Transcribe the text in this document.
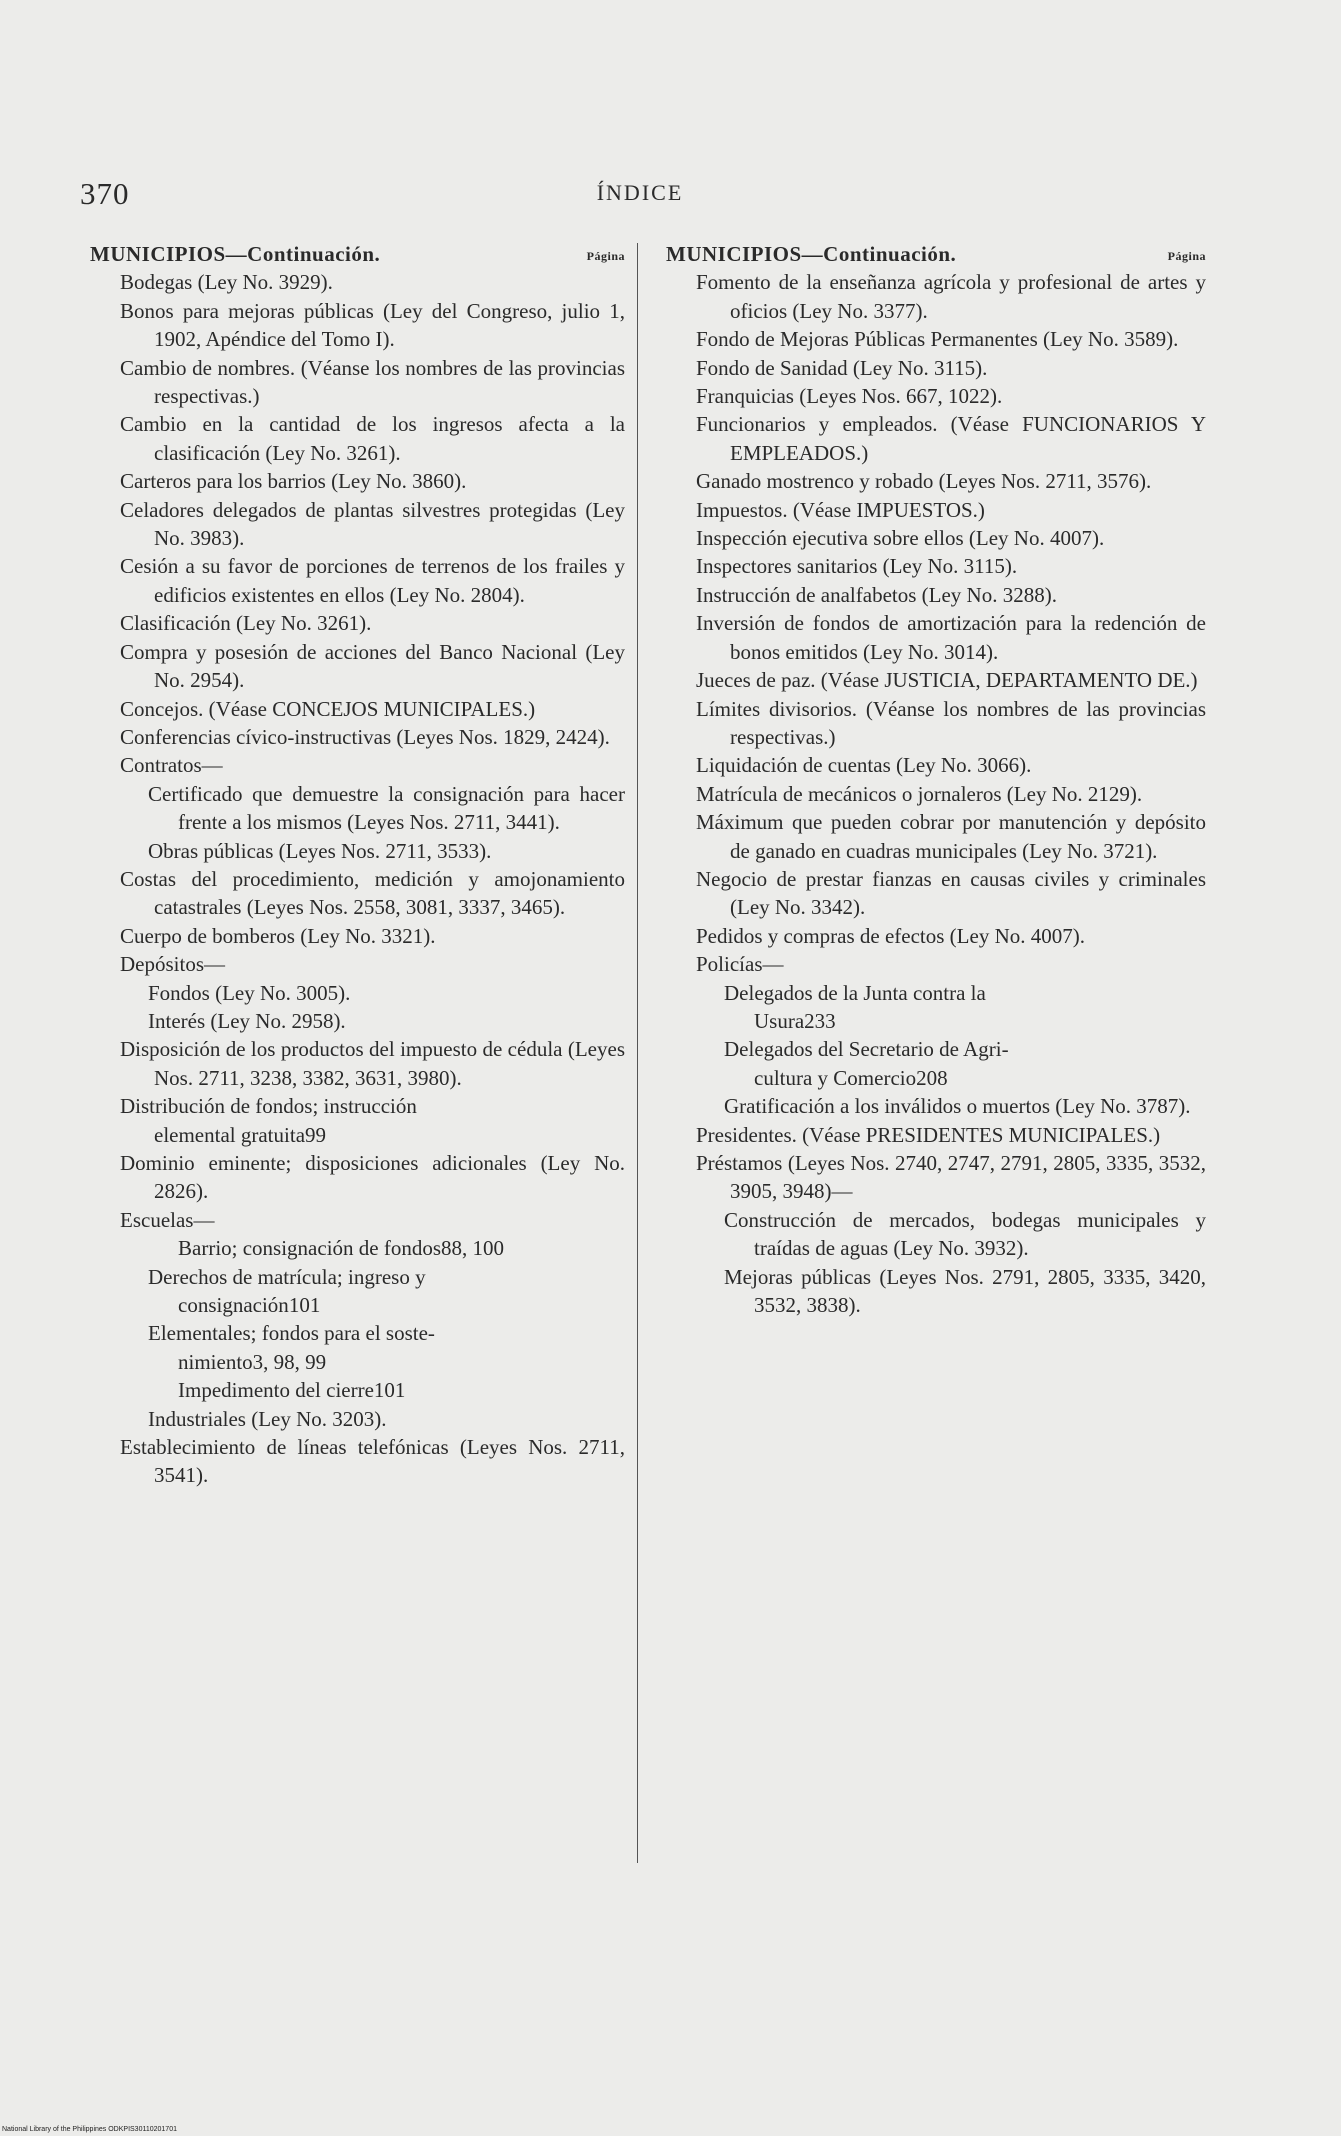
370	ÍNDICE
MUNICIPIOS—Continuación.	Página
Bodegas (Ley No. 3929).
Bonos para mejoras públicas (Ley del Congreso, julio 1, 1902, Apéndice del Tomo I).
Cambio de nombres. (Véanse los nombres de las provincias respectivas.)
Cambio en la cantidad de los ingresos afecta a la clasificación (Ley No. 3261).
Carteros para los barrios (Ley No. 3860).
Celadores delegados de plantas silvestres protegidas (Ley No. 3983).
Cesión a su favor de porciones de terrenos de los frailes y edificios existentes en ellos (Ley No. 2804).
Clasificación (Ley No. 3261).
Compra y posesión de acciones del Banco Nacional (Ley No. 2954).
Concejos. (Véase CONCEJOS MUNICIPALES.)
Conferencias cívico-instructivas (Leyes Nos. 1829, 2424).
Contratos—
Certificado que demuestre la consignación para hacer frente a los mismos (Leyes Nos. 2711, 3441).
Obras públicas (Leyes Nos. 2711, 3533).
Costas del procedimiento, medición y amojonamiento catastrales (Leyes Nos. 2558, 3081, 3337, 3465).
Cuerpo de bomberos (Ley No. 3321).
Depósitos—
Fondos (Ley No. 3005).
Interés (Ley No. 2958).
Disposición de los productos del impuesto de cédula (Leyes Nos. 2711, 3238, 3382, 3631, 3980).
Distribución de fondos; instrucción
elemental gratuita 99
Dominio eminente; disposiciones adicionales (Ley No. 2826).
Escuelas—
Barrio; consignación de fondos 88, 100
Derechos de matrícula; ingreso y
consignación 101
Elementales; fondos para el soste-
nimiento 3, 98, 99
Impedimento del cierre 101
Industriales (Ley No. 3203).
Establecimiento de líneas telefónicas (Leyes Nos. 2711, 3541).
MUNICIPIOS—Continuación.	Página
Fomento de la enseñanza agrícola y profesional de artes y oficios (Ley No. 3377).
Fondo de Mejoras Públicas Permanentes (Ley No. 3589).
Fondo de Sanidad (Ley No. 3115).
Franquicias (Leyes Nos. 667, 1022).
Funcionarios y empleados. (Véase FUNCIONARIOS Y EMPLEADOS.)
Ganado mostrenco y robado (Leyes Nos. 2711, 3576).
Impuestos. (Véase IMPUESTOS.)
Inspección ejecutiva sobre ellos (Ley No. 4007).
Inspectores sanitarios (Ley No. 3115).
Instrucción de analfabetos (Ley No. 3288).
Inversión de fondos de amortización para la redención de bonos emitidos (Ley No. 3014).
Jueces de paz. (Véase JUSTICIA, DEPARTAMENTO DE.)
Límites divisorios. (Véanse los nombres de las provincias respectivas.)
Liquidación de cuentas (Ley No. 3066).
Matrícula de mecánicos o jornaleros (Ley No. 2129).
Máximum que pueden cobrar por manutención y depósito de ganado en cuadras municipales (Ley No. 3721).
Negocio de prestar fianzas en causas civiles y criminales (Ley No. 3342).
Pedidos y compras de efectos (Ley No. 4007).
Policías—
Delegados de la Junta contra la
Usura 233
Delegados del Secretario de Agri-
cultura y Comercio 208
Gratificación a los inválidos o muertos (Ley No. 3787).
Presidentes. (Véase PRESIDENTES MUNICIPALES.)
Préstamos (Leyes Nos. 2740, 2747, 2791, 2805, 3335, 3532, 3905, 3948)—
Construcción de mercados, bodegas municipales y traídas de aguas (Ley No. 3932).
Mejoras públicas (Leyes Nos. 2791, 2805, 3335, 3420, 3532, 3838).
National Library of the Philippines ODKPIS30110201701
